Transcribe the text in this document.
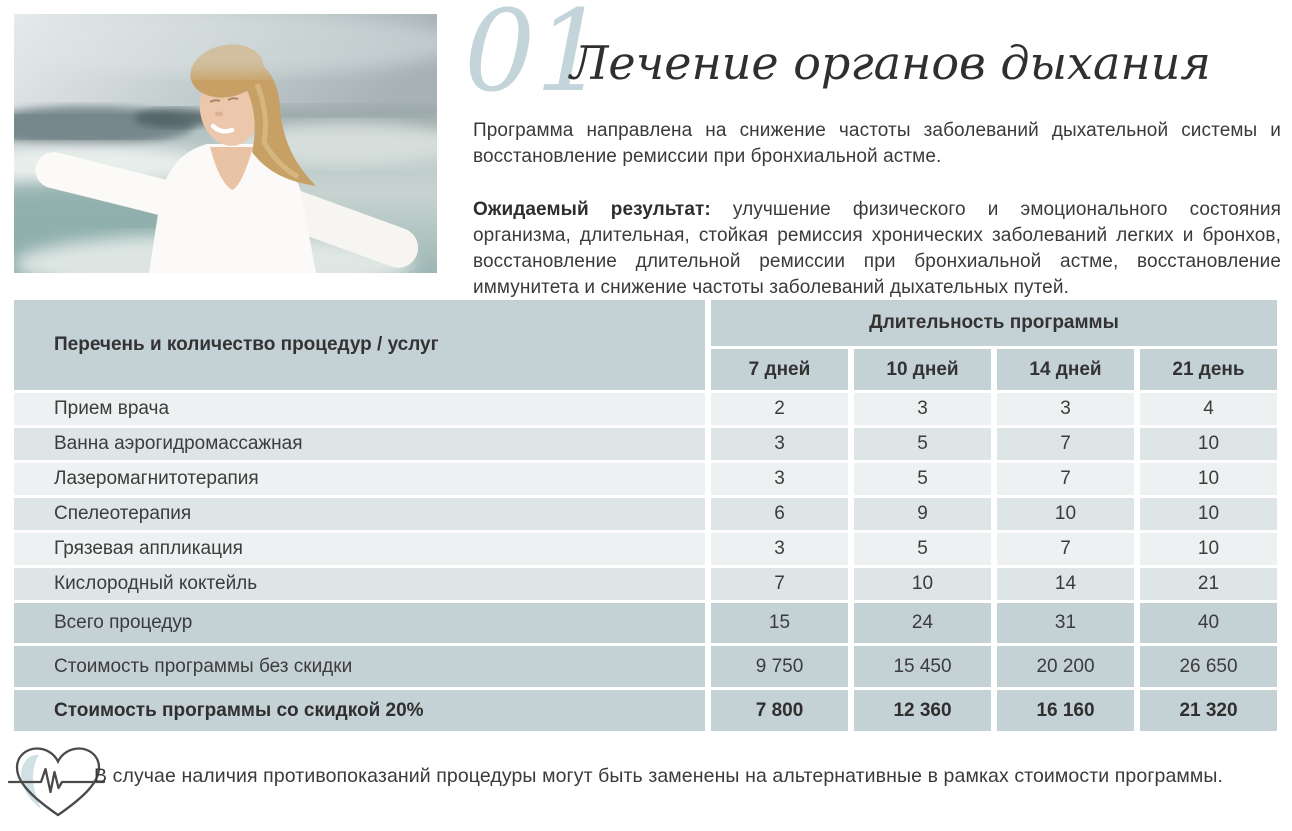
01
Лечение органов дыхания

Программа направлена на снижение частоты заболеваний дыхательной системы и восстановление ремиссии при бронхиальной астме.

Ожидаемый результат: улучшение физического и эмоционального состояния организма, длительная, стойкая ремиссия хронических заболеваний легких и бронхов, восстановление длительной ремиссии при бронхиальной астме, восстановление иммунитета и снижение частоты заболеваний дыхательных путей.

Перечень и количество процедур / услуг
Длительность программы
7 дней	10 дней	14 дней	21 день
Прием врача	2	3	3	4
Ванна аэрогидромассажная	3	5	7	10
Лазеромагнитотерапия	3	5	7	10
Спелеотерапия	6	9	10	10
Грязевая аппликация	3	5	7	10
Кислородный коктейль	7	10	14	21
Всего процедур	15	24	31	40
Стоимость программы без скидки	9 750	15 450	20 200	26 650
Стоимость программы со скидкой 20%	7 800	12 360	16 160	21 320
В случае наличия противопоказаний процедуры могут быть заменены на альтернативные в рамках стоимости программы.
